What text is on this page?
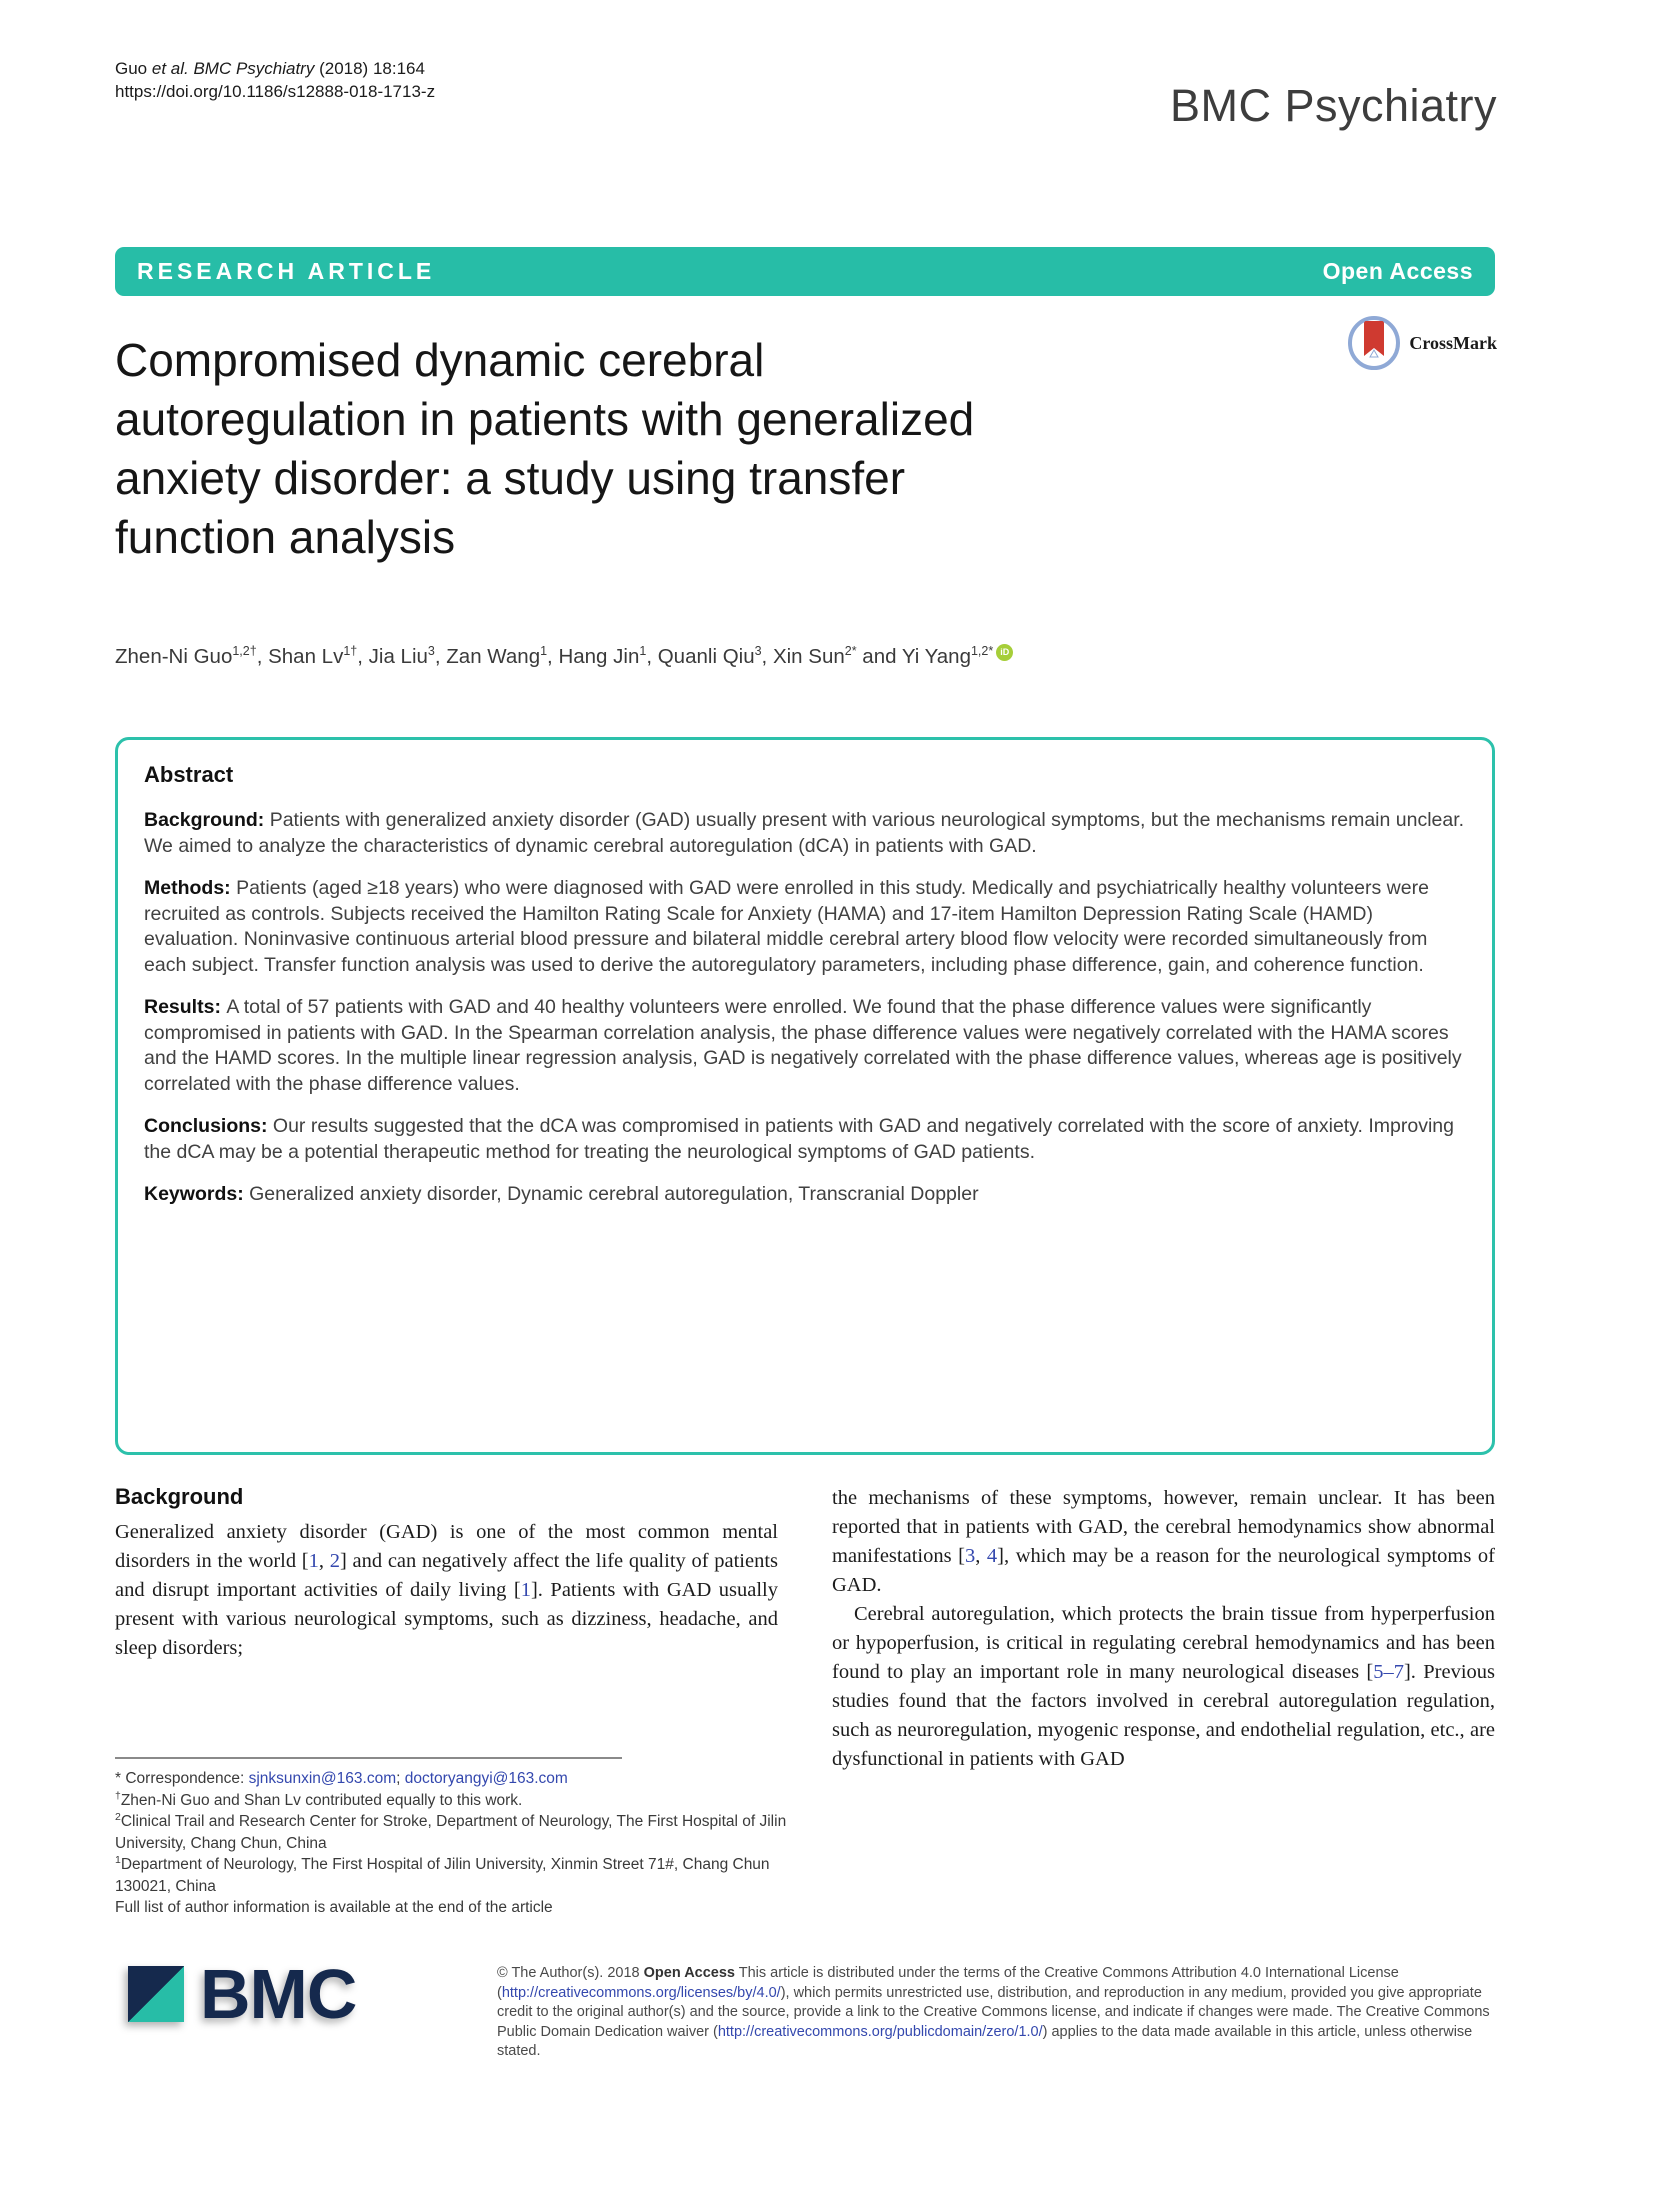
Guo et al. BMC Psychiatry (2018) 18:164
https://doi.org/10.1186/s12888-018-1713-z	BMC Psychiatry
RESEARCH ARTICLE	Open Access
CrossMark
Compromised dynamic cerebral
autoregulation in patients with generalized
anxiety disorder: a study using transfer
function analysis
Zhen-Ni Guo$^{1,2\dagger}$, Shan $Lv^{1\dagger}$, Jia Liu$^3$, Zan Wang$^1$, Hang Jin$^1$, Quanli Qiu$^3$, Xin Sun$^{2*}$ and Yi Yang$^{1,2*}$ iD
Abstract

Background: Patients with generalized anxiety disorder (GAD) usually present with various neurological symptoms, but the mechanisms remain unclear. We aimed to analyze the characteristics of dynamic cerebral autoregulation (dCA) in patients with GAD.

Methods: Patients (aged ≥18 years) who were diagnosed with GAD were enrolled in this study. Medically and psychiatrically healthy volunteers were recruited as controls. Subjects received the Hamilton Rating Scale for Anxiety (HAMA) and 17-item Hamilton Depression Rating Scale (HAMD) evaluation. Noninvasive continuous arterial blood pressure and bilateral middle cerebral artery blood flow velocity were recorded simultaneously from each subject. Transfer function analysis was used to derive the autoregulatory parameters, including phase difference, gain, and coherence function.

Results: A total of 57 patients with GAD and 40 healthy volunteers were enrolled. We found that the phase difference values were significantly compromised in patients with GAD. In the Spearman correlation analysis, the phase difference values were negatively correlated with the HAMA scores and the HAMD scores. In the multiple linear regression analysis, GAD is negatively correlated with the phase difference values, whereas age is positively correlated with the phase difference values.

Conclusions: Our results suggested that the dCA was compromised in patients with GAD and negatively correlated with the score of anxiety. Improving the dCA may be a potential therapeutic method for treating the neurological symptoms of GAD patients.

Keywords: Generalized anxiety disorder, Dynamic cerebral autoregulation, Transcranial Doppler

Background

Generalized anxiety disorder (GAD) is one of the most common mental disorders in the world [1, 2] and can negatively affect the life quality of patients and disrupt important activities of daily living [1]. Patients with GAD usually present with various neurological symptoms, such as dizziness, headache, and sleep disorders;

the mechanisms of these symptoms, however, remain unclear. It has been reported that in patients with GAD, the cerebral hemodynamics show abnormal manifestations [3, 4], which may be a reason for the neurological symptoms of GAD.

Cerebral autoregulation, which protects the brain tissue from hyperperfusion or hypoperfusion, is critical in regulating cerebral hemodynamics and has been found to play an important role in many neurological diseases [5–7]. Previous studies found that the factors involved in cerebral autoregulation regulation, such as neuroregulation, myogenic response, and endothelial regulation, etc., are dysfunctional in patients with GAD

* Correspondence: sjnksunxin@163.com; doctoryangyi@163.com
†Zhen-Ni Guo and Shan Lv contributed equally to this work.
$^2$Clinical Trail and Research Center for Stroke, Department of Neurology, The First Hospital of Jilin University, Chang Chun, China
$^1$Department of Neurology, The First Hospital of Jilin University, Xinmin Street 71#, Chang Chun 130021, China
Full list of author information is available at the end of the article
BMC	© The Author(s). 2018 Open Access This article is distributed under the terms of the Creative Commons Attribution 4.0 International License (http://creativecommons.org/licenses/by/4.0/), which permits unrestricted use, distribution, and reproduction in any medium, provided you give appropriate credit to the original author(s) and the source, provide a link to the Creative Commons license, and indicate if changes were made. The Creative Commons Public Domain Dedication waiver (http://creativecommons.org/publicdomain/zero/1.0/) applies to the data made available in this article, unless otherwise stated.
